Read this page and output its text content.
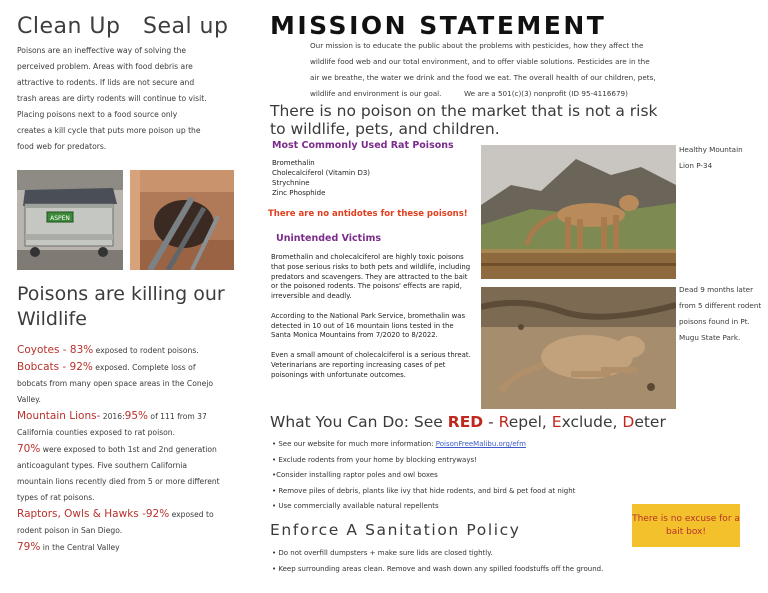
Clean Up   Seal up
Poisons are an ineffective way of solving the perceived problem. Areas with food debris are attractive to rodents. If lids are not secure and trash areas are dirty rodents will continue to visit. Placing poisons next to a food source only creates a kill cycle that puts more poison up the food web for predators.
ASPEN
Poisons are killing our Wildlife
Coyotes - 83% exposed to rodent poisons.
Bobcats - 92% exposed. Complete loss of bobcats from many open space areas in the Conejo Valley.
Mountain Lions- 2016:95% of 111 from 37 California counties exposed to rat poison.
70% were exposed to both 1st and 2nd generation anticoagulant types. Five southern California mountain lions recently died from 5 or more different types of rat poisons.
Raptors, Owls & Hawks -92% exposed to rodent poison in San Diego.
79% in the Central Valley
MISSION STATEMENT
Our mission is to educate the public about the problems with pesticides, how they affect the wildlife food web and our total environment, and to offer viable solutions. Pesticides are in the air we breathe, the water we drink and the food we eat. The overall health of our children, pets, wildlife and environment is our goal.	We are a 501(c)(3) nonprofit (ID 95-4116679)
There is no poison on the market that is not a risk to wildlife, pets, and children.
Most Commonly Used Rat Poisons
Bromethalin
Cholecalciferol (Vitamin D3)
Strychnine
Zinc Phosphide
There are no antidotes for these poisons!
Unintended Victims

Bromethalin and cholecalciferol are highly toxic poisons that pose serious risks to both pets and wildlife, including predators and scavengers. They are attracted to the bait or the poisoned rodents. The poisons' effects are rapid, irreversible and deadly.

According to the National Park Service, bromethalin was detected in 10 out of 16 mountain lions tested in the Santa Monica Mountains from 7/2020 to 8/2022.

Even a small amount of cholecalciferol is a serious threat. Veterinarians are reporting increasing cases of pet poisonings with unfortunate outcomes.

Healthy Mountain Lion P-34
Dead 9 months later from 5 different rodent poisons found in Pt. Mugu State Park.
What You Can Do: See RED - Repel, Exclude, Deter
• See our website for much more information: PoisonFreeMalibu.org/efm
• Exclude rodents from your home by blocking entryways!
•Consider installing raptor poles and owl boxes
• Remove piles of debris, plants like ivy that hide rodents, and bird & pet food at night
• Use commercially available natural repellents
Enforce A Sanitation Policy
• Do not overfill dumpsters + make sure lids are closed tightly.
• Keep surrounding areas clean. Remove and wash down any spilled foodstuffs off the ground.
There is no excuse for a bait box!
